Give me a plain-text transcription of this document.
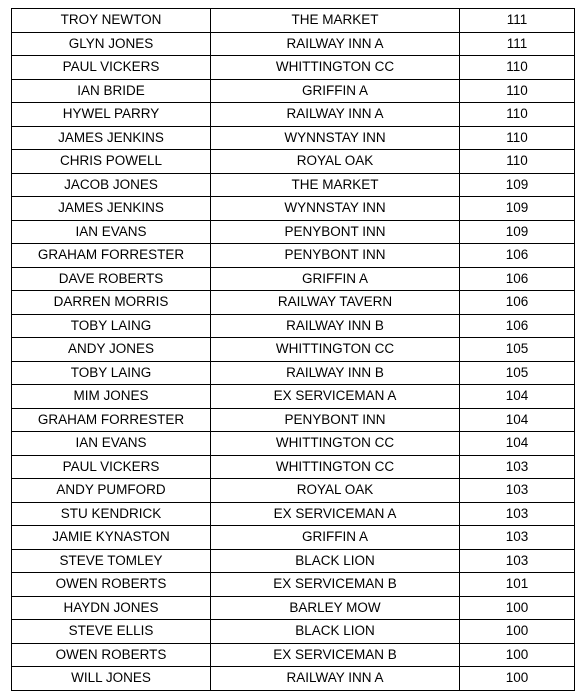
TROY NEWTON	THE MARKET	111
GLYN JONES	RAILWAY INN A	111
PAUL VICKERS	WHITTINGTON CC	110
IAN BRIDE	GRIFFIN A	110
HYWEL PARRY	RAILWAY INN A	110
JAMES JENKINS	WYNNSTAY INN	110
CHRIS POWELL	ROYAL OAK	110
JACOB JONES	THE MARKET	109
JAMES JENKINS	WYNNSTAY INN	109
IAN EVANS	PENYBONT INN	109
GRAHAM FORRESTER	PENYBONT INN	106
DAVE ROBERTS	GRIFFIN A	106
DARREN MORRIS	RAILWAY TAVERN	106
TOBY LAING	RAILWAY INN B	106
ANDY JONES	WHITTINGTON CC	105
TOBY LAING	RAILWAY INN B	105
MIM JONES	EX SERVICEMAN A	104
GRAHAM FORRESTER	PENYBONT INN	104
IAN EVANS	WHITTINGTON CC	104
PAUL VICKERS	WHITTINGTON CC	103
ANDY PUMFORD	ROYAL OAK	103
STU KENDRICK	EX SERVICEMAN A	103
JAMIE KYNASTON	GRIFFIN A	103
STEVE TOMLEY	BLACK LION	103
OWEN ROBERTS	EX SERVICEMAN B	101
HAYDN JONES	BARLEY MOW	100
STEVE ELLIS	BLACK LION	100
OWEN ROBERTS	EX SERVICEMAN B	100
WILL JONES	RAILWAY INN A	100
